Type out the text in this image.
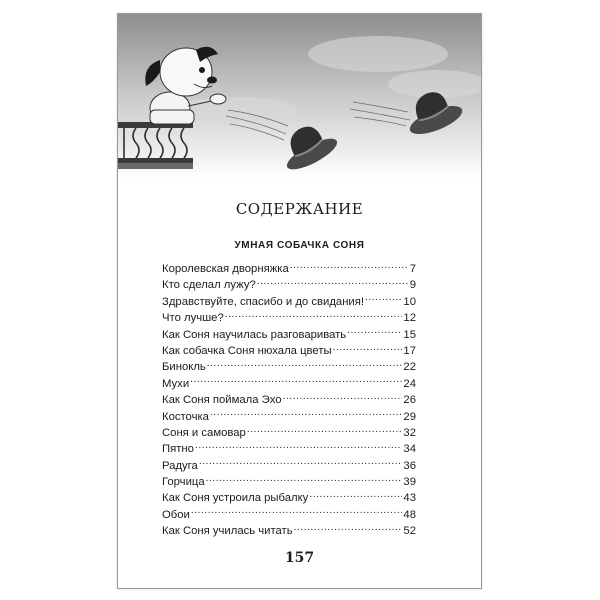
СОДЕРЖАНИЕ
УМНАЯ СОБАЧКА СОНЯ
Королевская дворняжка .....	7
Кто сделал лужу? .....	9
Здравствуйте, спасибо и до свидания! .....	10
Что лучше? .....	12
Как Соня научилась разговаривать .....	15
Как собачка Соня нюхала цветы .....	17
Бинокль .....	22
Мухи .....	24
Как Соня поймала Эхо .....	26
Косточка .....	29
Соня и самовар .....	32
Пятно .....	34
Радуга .....	36
Горчица .....	39
Как Соня устроила рыбалку .....	43
Обои .....	48
Как Соня училась читать .....	52
157
